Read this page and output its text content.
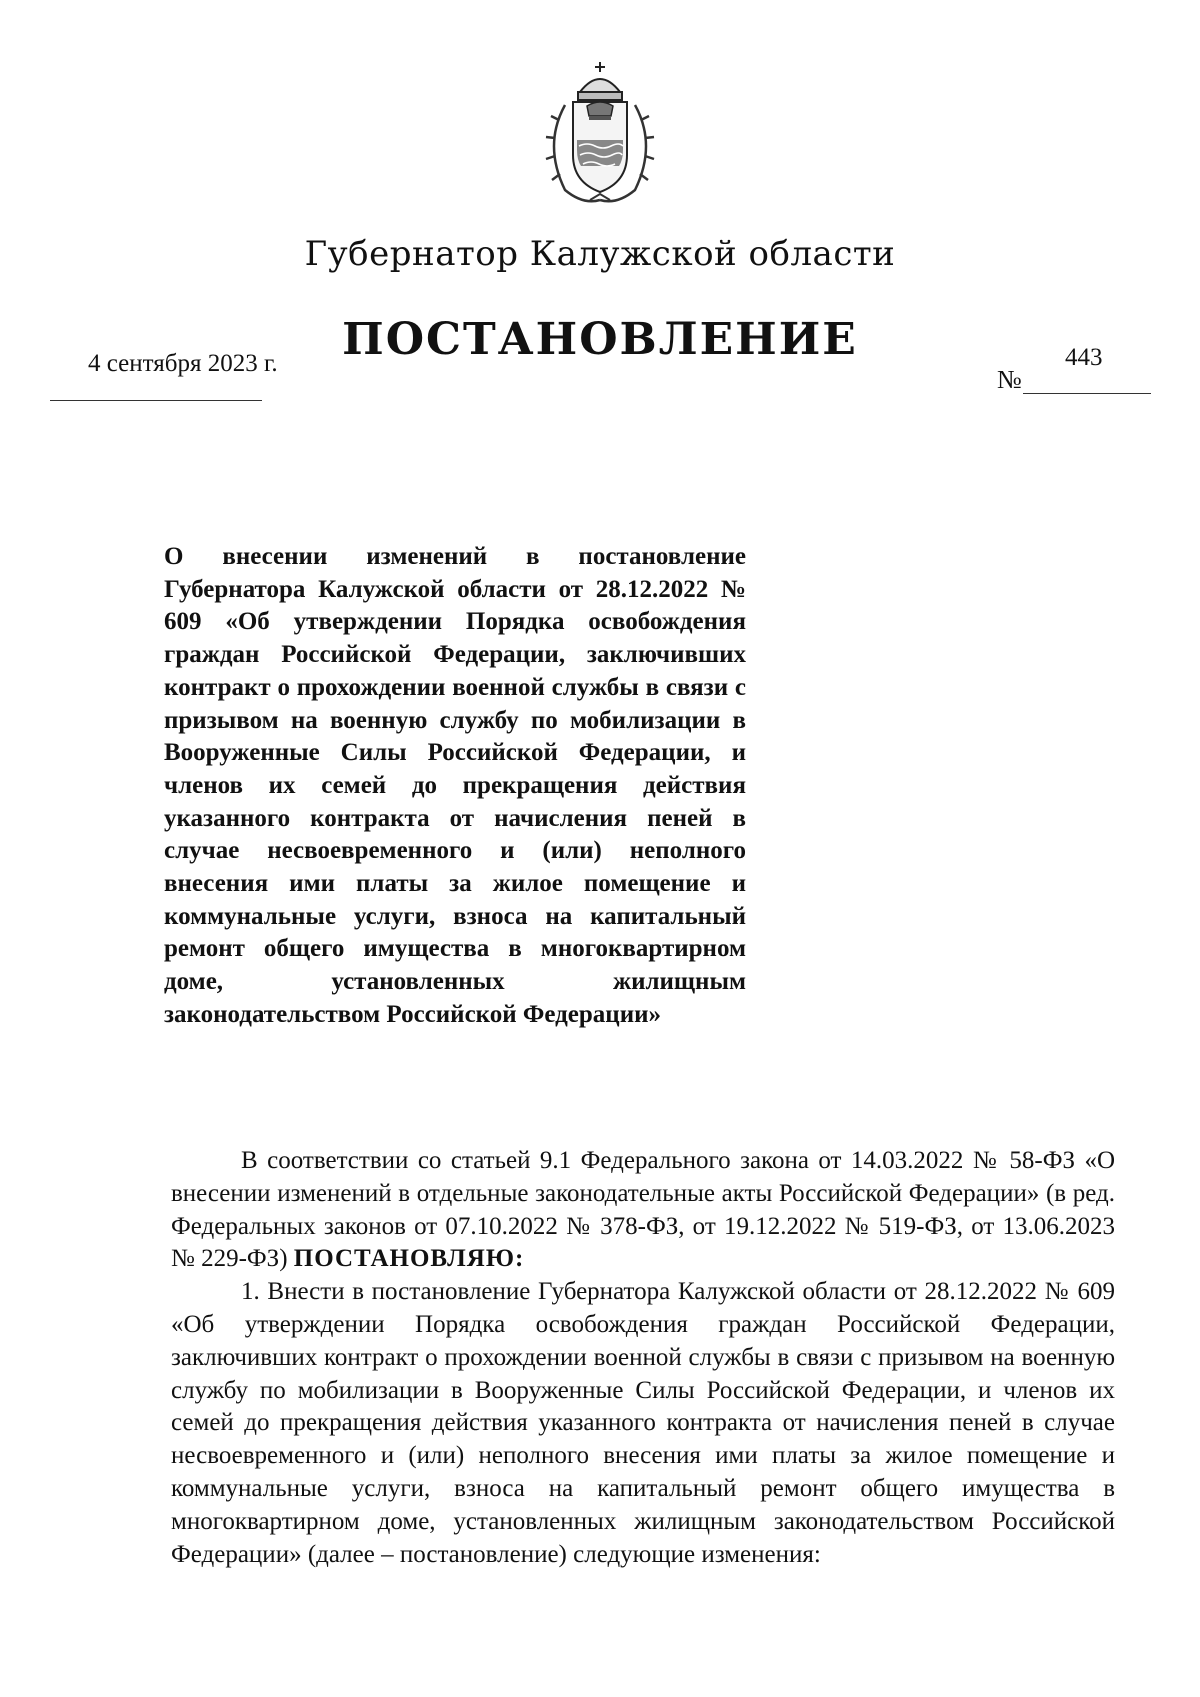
Губернатор Калужской области
ПОСТАНОВЛЕНИЕ
4 сентября 2023 г.
№
443
О внесении изменений в постановление Губернатора Калужской области от 28.12.2022 № 609 «Об утверждении Порядка освобождения граждан Российской Федерации, заключивших контракт о прохождении военной службы в связи с призывом на военную службу по мобилизации в Вооруженные Силы Российской Федерации, и членов их семей до прекращения действия указанного контракта от начисления пеней в случае несвоевременного и (или) неполного внесения ими платы за жилое помещение и коммунальные услуги, взноса на капитальный ремонт общего имущества в многоквартирном доме, установленных жилищным законодательством Российской Федерации»

В соответствии со статьей 9.1 Федерального закона от 14.03.2022 № 58-ФЗ «О внесении изменений в отдельные законодательные акты Российской Федерации» (в ред. Федеральных законов от 07.10.2022 № 378-ФЗ, от 19.12.2022 № 519-ФЗ, от 13.06.2023 № 229-ФЗ) ПОСТАНОВЛЯЮ:

1. Внести в постановление Губернатора Калужской области от 28.12.2022 № 609 «Об утверждении Порядка освобождения граждан Российской Федерации, заключивших контракт о прохождении военной службы в связи с призывом на военную службу по мобилизации в Вооруженные Силы Российской Федерации, и членов их семей до прекращения действия указанного контракта от начисления пеней в случае несвоевременного и (или) неполного внесения ими платы за жилое помещение и коммунальные услуги, взноса на капитальный ремонт общего имущества в многоквартирном доме, установленных жилищным законодательством Российской Федерации» (далее – постановление) следующие изменения:
